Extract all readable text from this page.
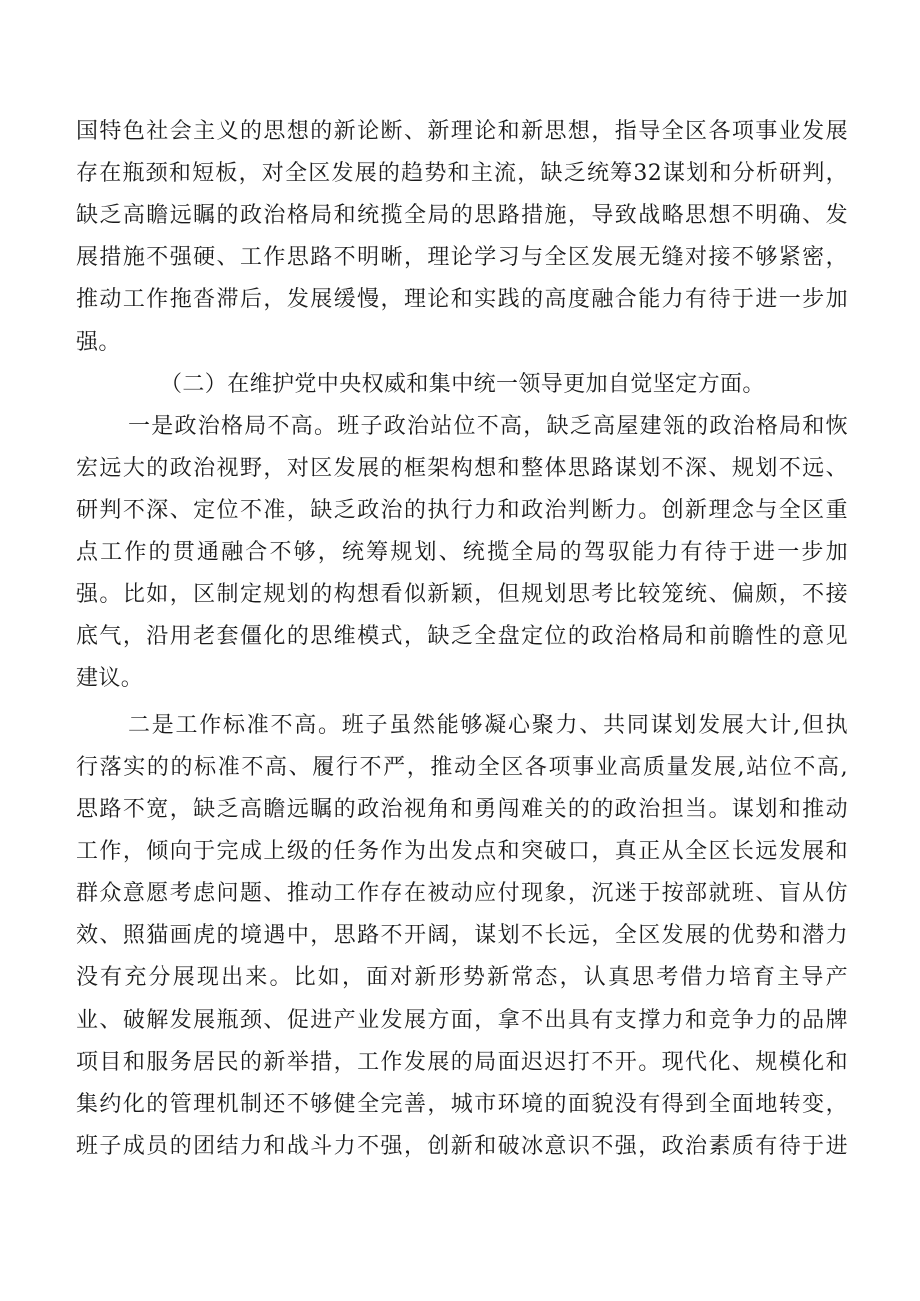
国特色社会主义的思想的新论断、新理论和新思想，指导全区各项事业发展
存在瓶颈和短板，对全区发展的趋势和主流，缺乏统筹32谋划和分析研判，
缺乏高瞻远瞩的政治格局和统揽全局的思路措施，导致战略思想不明确、发
展措施不强硬、工作思路不明晰，理论学习与全区发展无缝对接不够紧密，
推动工作拖沓滞后，发展缓慢，理论和实践的高度融合能力有待于进一步加
强。
（二）在维护党中央权威和集中统一领导更加自觉坚定方面。
一是政治格局不高。班子政治站位不高，缺乏高屋建瓴的政治格局和恢
宏远大的政治视野，对区发展的框架构想和整体思路谋划不深、规划不远、
研判不深、定位不准，缺乏政治的执行力和政治判断力。创新理念与全区重
点工作的贯通融合不够，统筹规划、统揽全局的驾驭能力有待于进一步加
强。比如，区制定规划的构想看似新颖，但规划思考比较笼统、偏颇，不接
底气，沿用老套僵化的思维模式，缺乏全盘定位的政治格局和前瞻性的意见
建议。
二是工作标准不高。班子虽然能够凝心聚力、共同谋划发展大计,但执
行落实的的标准不高、履行不严，推动全区各项事业高质量发展,站位不高,
思路不宽，缺乏高瞻远瞩的政治视角和勇闯难关的的政治担当。谋划和推动
工作，倾向于完成上级的任务作为出发点和突破口，真正从全区长远发展和
群众意愿考虑问题、推动工作存在被动应付现象，沉迷于按部就班、盲从仿
效、照猫画虎的境遇中，思路不开阔，谋划不长远，全区发展的优势和潜力
没有充分展现出来。比如，面对新形势新常态，认真思考借力培育主导产
业、破解发展瓶颈、促进产业发展方面，拿不出具有支撑力和竞争力的品牌
项目和服务居民的新举措，工作发展的局面迟迟打不开。现代化、规模化和
集约化的管理机制还不够健全完善，城市环境的面貌没有得到全面地转变，
班子成员的团结力和战斗力不强，创新和破冰意识不强，政治素质有待于进
